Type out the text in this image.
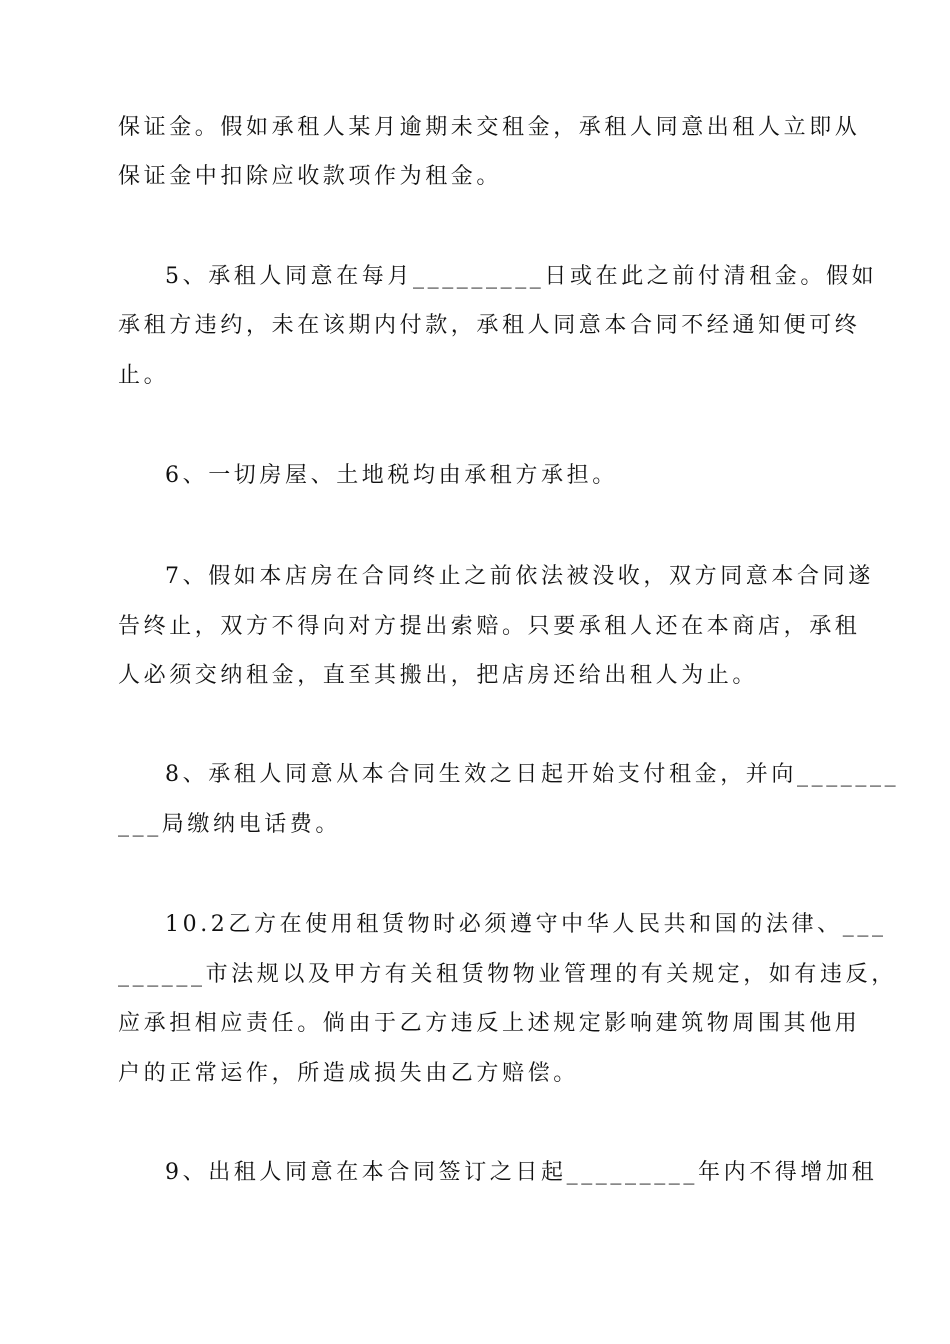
保证金。假如承租人某月逾期未交租金，承租人同意出租人立即从

保证金中扣除应收款项作为租金。

5、承租人同意在每月_________日或在此之前付清租金。假如

承租方违约，未在该期内付款，承租人同意本合同不经通知便可终

止。

6、一切房屋、土地税均由承租方承担。

7、假如本店房在合同终止之前依法被没收，双方同意本合同遂

告终止，双方不得向对方提出索赔。只要承租人还在本商店，承租

人必须交纳租金，直至其搬出，把店房还给出租人为止。

8、承租人同意从本合同生效之日起开始支付租金，并向_______

___局缴纳电话费。

10.2乙方在使用租赁物时必须遵守中华人民共和国的法律、___

______市法规以及甲方有关租赁物物业管理的有关规定，如有违反，

应承担相应责任。倘由于乙方违反上述规定影响建筑物周围其他用

户的正常运作，所造成损失由乙方赔偿。

9、出租人同意在本合同签订之日起_________年内不得增加租
